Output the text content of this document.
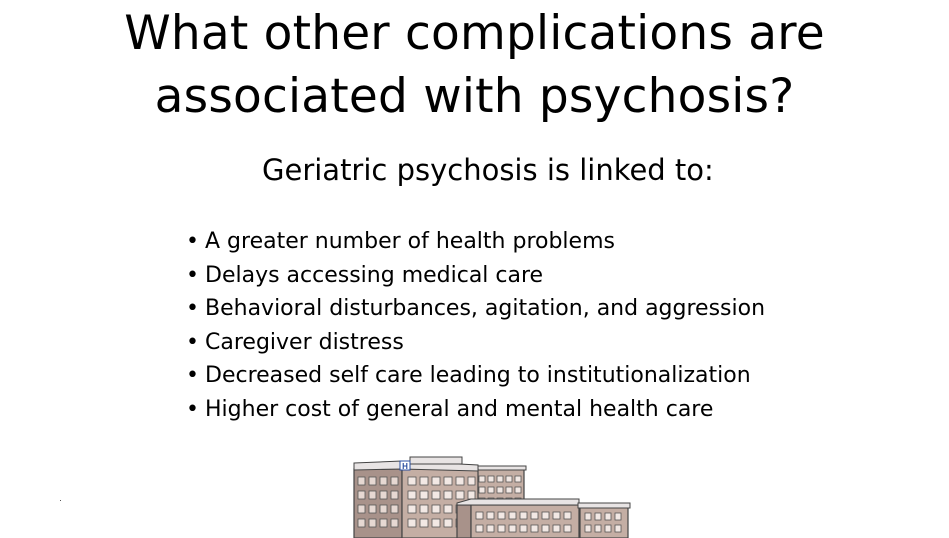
What other complications are associated with psychosis?
Geriatric psychosis is linked to:
• A greater number of health problems
• Delays accessing medical care
• Behavioral disturbances, agitation, and aggression
• Caregiver distress
• Decreased self care leading to institutionalization
• Higher cost of general and mental health care
H
